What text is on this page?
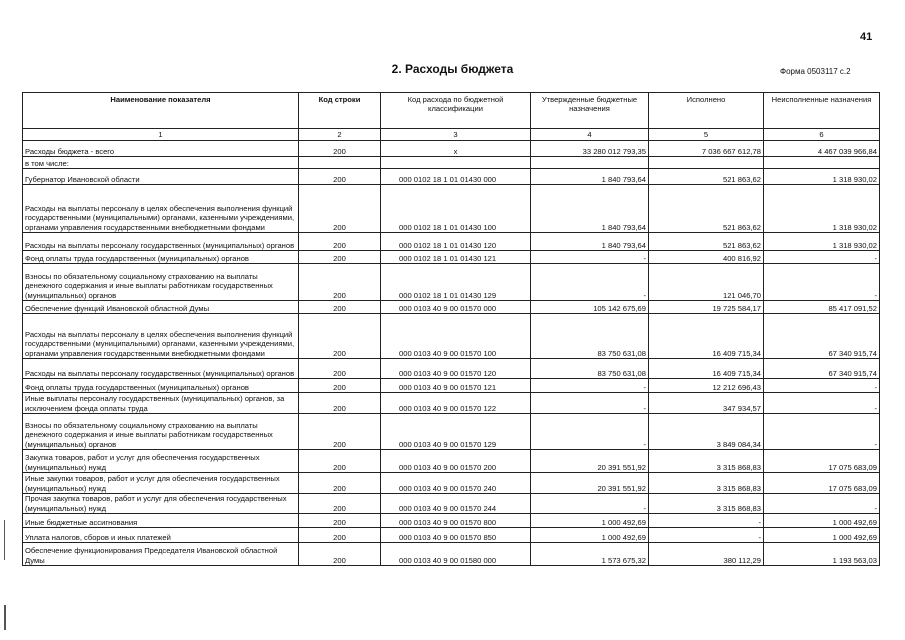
41
2. Расходы бюджета	Форма 0503117 с.2
Наименование показателя	Код строки	Код расхода по бюджетной классификации	Утвержденные бюджетные назначения	Исполнено	Неисполненные назначения
1	2	3	4	5	6
Расходы бюджета - всего	200	x	33 280 012 793,35	7 036 667 612,78	4 467 039 966,84
в том числе:					
Губернатор Ивановской области	200	000 0102 18 1 01 01430 000	1 840 793,64	521 863,62	1 318 930,02
Расходы на выплаты персоналу в целях обеспечения выполнения функций государственными (муниципальными) органами, казенными учреждениями, органами управления государственными внебюджетными фондами	200	000 0102 18 1 01 01430 100	1 840 793,64	521 863,62	1 318 930,02
Расходы на выплаты персоналу государственных (муниципальных) органов	200	000 0102 18 1 01 01430 120	1 840 793,64	521 863,62	1 318 930,02
Фонд оплаты труда государственных (муниципальных) органов	200	000 0102 18 1 01 01430 121	-	400 816,92	-
Взносы по обязательному социальному страхованию на выплаты денежного содержания и иные выплаты работникам государственных (муниципальных) органов	200	000 0102 18 1 01 01430 129	-	121 046,70	-
Обеспечение функций Ивановской областной Думы	200	000 0103 40 9 00 01570 000	105 142 675,69	19 725 584,17	85 417 091,52
Расходы на выплаты персоналу в целях обеспечения выполнения функций государственными (муниципальными) органами, казенными учреждениями, органами управления государственными внебюджетными фондами	200	000 0103 40 9 00 01570 100	83 750 631,08	16 409 715,34	67 340 915,74
Расходы на выплаты персоналу государственных (муниципальных) органов	200	000 0103 40 9 00 01570 120	83 750 631,08	16 409 715,34	67 340 915,74
Фонд оплаты труда государственных (муниципальных) органов	200	000 0103 40 9 00 01570 121	-	12 212 696,43	-
Иные выплаты персоналу государственных (муниципальных) органов, за исключением фонда оплаты труда	200	000 0103 40 9 00 01570 122	-	347 934,57	-
Взносы по обязательному социальному страхованию на выплаты денежного содержания и иные выплаты работникам государственных (муниципальных) органов	200	000 0103 40 9 00 01570 129	-	3 849 084,34	-
Закупка товаров, работ и услуг для обеспечения государственных (муниципальных) нужд	200	000 0103 40 9 00 01570 200	20 391 551,92	3 315 868,83	17 075 683,09
Иные закупки товаров, работ и услуг для обеспечения государственных (муниципальных) нужд	200	000 0103 40 9 00 01570 240	20 391 551,92	3 315 868,83	17 075 683,09
Прочая закупка товаров, работ и услуг для обеспечения государственных (муниципальных) нужд	200	000 0103 40 9 00 01570 244	-	3 315 868,83	-
Иные бюджетные ассигнования	200	000 0103 40 9 00 01570 800	1 000 492,69	-	1 000 492,69
Уплата налогов, сборов и иных платежей	200	000 0103 40 9 00 01570 850	1 000 492,69	-	1 000 492,69
Обеспечение функционирования Председателя Ивановской областной Думы	200	000 0103 40 9 00 01580 000	1 573 675,32	380 112,29	1 193 563,03
